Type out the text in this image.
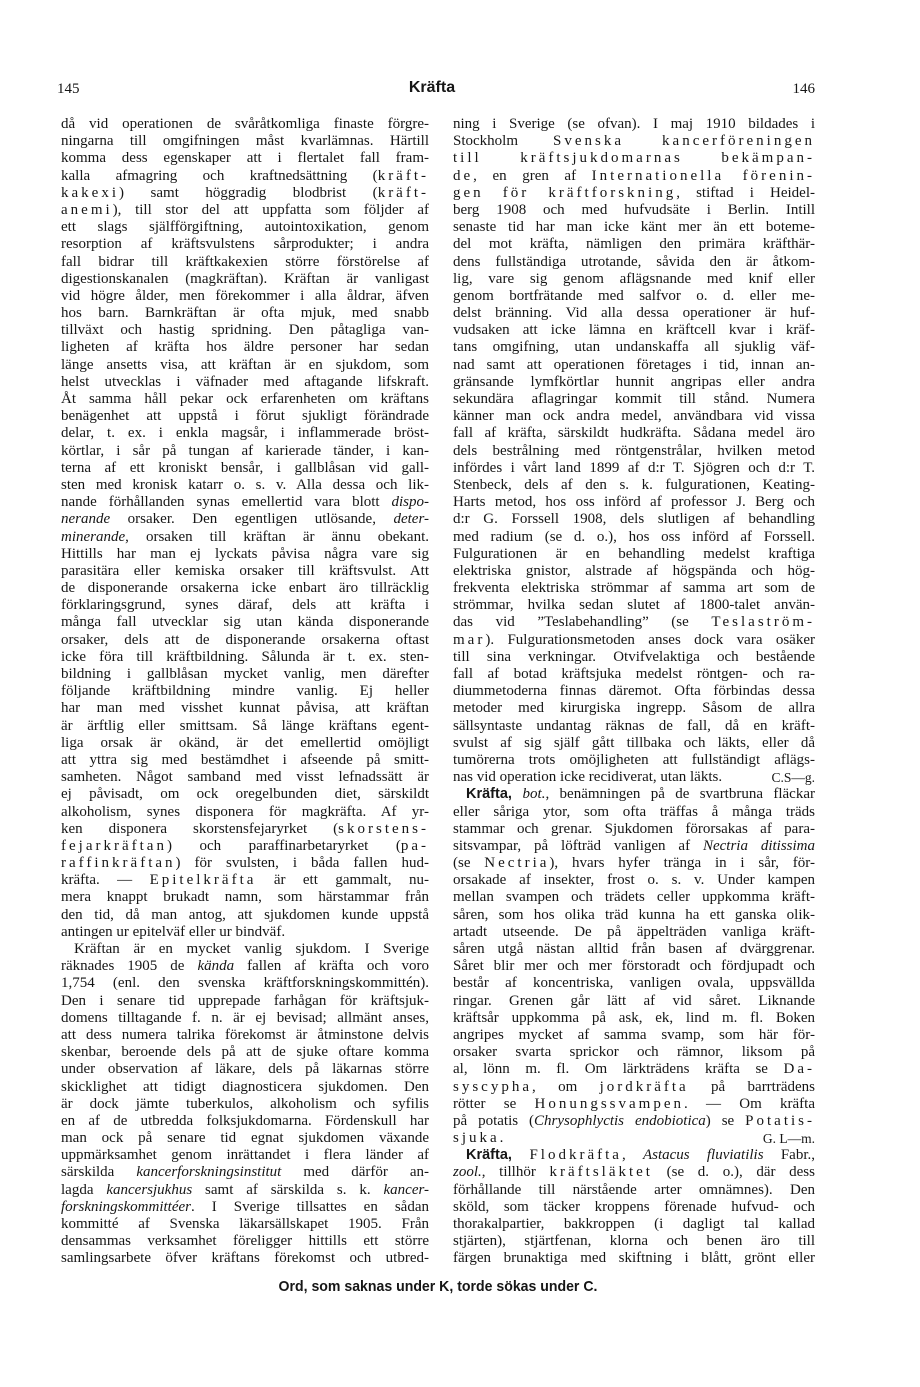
145	Kräfta	146
då vid operationen de svåråtkomliga finaste förgre-
ningarna till omgifningen måst kvarlämnas. Härtill
komma dess egenskaper att i flertalet fall fram-
kalla afmagring och kraftnedsättning (kräft-
kakexi) samt höggradig blodbrist (kräft-
anemi), till stor del att uppfatta som följder af
ett slags själfförgiftning, autointoxikation, genom
resorption af kräftsvulstens sårprodukter; i andra
fall bidrar till kräftkakexien större förstörelse af
digestionskanalen (magkräftan). Kräftan är vanligast
vid högre ålder, men förekommer i alla åldrar, äfven
hos barn. Barnkräftan är ofta mjuk, med snabb
tillväxt och hastig spridning. Den påtagliga van-
ligheten af kräfta hos äldre personer har sedan
länge ansetts visa, att kräftan är en sjukdom, som
helst utvecklas i väfnader med aftagande lifskraft.
Åt samma håll pekar ock erfarenheten om kräftans
benägenhet att uppstå i förut sjukligt förändrade
delar, t. ex. i enkla magsår, i inflammerade bröst-
körtlar, i sår på tungan af karierade tänder, i kan-
terna af ett kroniskt bensår, i gallblåsan vid gall-
sten med kronisk katarr o. s. v. Alla dessa och lik-
nande förhållanden synas emellertid vara blott dispo-
nerande orsaker. Den egentligen utlösande, deter-
minerande, orsaken till kräftan är ännu obekant.
Hittills har man ej lyckats påvisa några vare sig
parasitära eller kemiska orsaker till kräftsvulst. Att
de disponerande orsakerna icke enbart äro tillräcklig
förklaringsgrund, synes däraf, dels att kräfta i
många fall utvecklar sig utan kända disponerande
orsaker, dels att de disponerande orsakerna oftast
icke föra till kräftbildning. Sålunda är t. ex. sten-
bildning i gallblåsan mycket vanlig, men därefter
följande kräftbildning mindre vanlig. Ej heller
har man med visshet kunnat påvisa, att kräftan
är ärftlig eller smittsam. Så länge kräftans egent-
liga orsak är okänd, är det emellertid omöjligt
att yttra sig med bestämdhet i afseende på smitt-
samheten. Något samband med visst lefnadssätt är
ej påvisadt, om ock oregelbunden diet, särskildt
alkoholism, synes disponera för magkräfta. Af yr-
ken disponera skorstensfejaryrket (skorstens-
fejarkräftan) och paraffinarbetaryrket (pa-
raffinkräftan) för svulsten, i båda fallen hud-
kräfta. — Epitelkräfta är ett gammalt, nu-
mera knappt brukadt namn, som härstammar från
den tid, då man antog, att sjukdomen kunde uppstå
antingen ur epitelväf eller ur bindväf.
Kräftan är en mycket vanlig sjukdom. I Sverige
räknades 1905 de kända fallen af kräfta och voro
1,754 (enl. den svenska kräftforskningskommittén).
Den i senare tid upprepade farhågan för kräftsjuk-
domens tilltagande f. n. är ej bevisad; allmänt anses,
att dess numera talrika förekomst är åtminstone delvis
skenbar, beroende dels på att de sjuke oftare komma
under observation af läkare, dels på läkarnas större
skicklighet att tidigt diagnosticera sjukdomen. Den
är dock jämte tuberkulos, alkoholism och syfilis
en af de utbredda folksjukdomarna. Fördenskull har
man ock på senare tid egnat sjukdomen växande
uppmärksamhet genom inrättandet i flera länder af
särskilda kancerforskningsinstitut med därför an-
lagda kancersjukhus samt af särskilda s. k. kancer-
forskningskommittéer. I Sverige tillsattes en sådan
kommitté af Svenska läkarsällskapet 1905. Från
densammas verksamhet föreligger hittills ett större
samlingsarbete öfver kräftans förekomst och utbred-
ning i Sverige (se ofvan). I maj 1910 bildades i
Stockholm Svenska kancerföreningen
till kräftsjukdomarnas bekämpan-
de, en gren af Internationella förenin-
gen för kräftforskning, stiftad i Heidel-
berg 1908 och med hufvudsäte i Berlin. Intill
senaste tid har man icke känt mer än ett boteme-
del mot kräfta, nämligen den primära kräfthär-
dens fullständiga utrotande, såvida den är åtkom-
lig, vare sig genom aflägsnande med knif eller
genom bortfrätande med salfvor o. d. eller me-
delst bränning. Vid alla dessa operationer är huf-
vudsaken att icke lämna en kräftcell kvar i kräf-
tans omgifning, utan undanskaffa all sjuklig väf-
nad samt att operationen företages i tid, innan an-
gränsande lymfkörtlar hunnit angripas eller andra
sekundära aflagringar kommit till stånd. Numera
känner man ock andra medel, användbara vid vissa
fall af kräfta, särskildt hudkräfta. Sådana medel äro
dels bestrålning med röntgenstrålar, hvilken metod
infördes i vårt land 1899 af d:r T. Sjögren och d:r T.
Stenbeck, dels af den s. k. fulgurationen, Keating-
Harts metod, hos oss införd af professor J. Berg och
d:r G. Forssell 1908, dels slutligen af behandling
med radium (se d. o.), hos oss införd af Forssell.
Fulgurationen är en behandling medelst kraftiga
elektriska gnistor, alstrade af högspända och hög-
frekventa elektriska strömmar af samma art som de
strömmar, hvilka sedan slutet af 1800-talet använ-
das vid ”Teslabehandling” (se Teslaström-
mar). Fulgurationsmetoden anses dock vara osäker
till sina verkningar. Otvifvelaktiga och bestående
fall af botad kräftsjuka medelst röntgen- och ra-
diummetoderna finnas däremot. Ofta förbindas dessa
metoder med kirurgiska ingrepp. Såsom de allra
sällsyntaste undantag räknas de fall, då en kräft-
svulst af sig själf gått tillbaka och läkts, eller då
tumörerna trots omöjligheten att fullständigt aflägs-
nas vid operation icke recidiverat, utan läkts.	C.S—g.
Kräfta, bot., benämningen på de svartbruna fläckar
eller såriga ytor, som ofta träffas å många träds
stammar och grenar. Sjukdomen förorsakas af para-
sitsvampar, på löfträd vanligen af Nectria ditissima
(se Nectria), hvars hyfer tränga in i sår, för-
orsakade af insekter, frost o. s. v. Under kampen
mellan svampen och trädets celler uppkomma kräft-
såren, som hos olika träd kunna ha ett ganska olik-
artadt utseende. De på äppelträden vanliga kräft-
såren utgå nästan alltid från basen af dvärggrenar.
Såret blir mer och mer förstoradt och fördjupadt och
består af koncentriska, vanligen ovala, uppsvällda
ringar. Grenen går lätt af vid såret. Liknande
kräftsår uppkomma på ask, ek, lind m. fl. Boken
angripes mycket af samma svamp, som här för-
orsaker svarta sprickor och rämnor, liksom på
al, lönn m. fl. Om lärkträdens kräfta se Da-
syscypha, om jordkräfta på barrträdens
rötter se Honungssvampen. — Om kräfta
på potatis (Chrysophlyctis endobiotica) se Potatis-
sjuka.	G. L—m.
Kräfta, Flodkräfta, Astacus fluviatilis Fabr.,
zool., tillhör kräftsläktet (se d. o.), där dess
förhållande till närstående arter omnämnes). Den
sköld, som täcker kroppens förenade hufvud- och
thorakalpartier, bakkroppen (i dagligt tal kallad
stjärten), stjärtfenan, klorna och benen äro till
färgen brunaktiga med skiftning i blått, grönt eller
Ord, som saknas under K, torde sökas under C.
